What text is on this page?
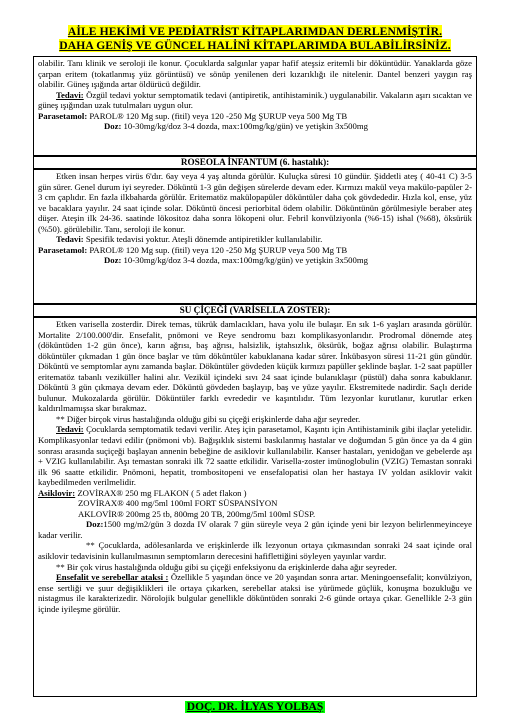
AİLE HEKİMİ VE PEDİATRİST KİTAPLARIMDAN DERLENMİŞTİR.
DAHA GENİŞ VE GÜNCEL HALİNİ KİTAPLARIMDA BULABİLİRSİNİZ.

olabilir. Tanı klinik ve seroloji ile konur. Çocuklarda salgınlar yapar hafif ateşsiz eritemli bir döküntüdür. Yanaklarda göze çarpan eritem (tokatlanmış yüz görüntüsü) ve sönüp yenilenen deri kızarıklığı ile nitelenir. Dantel benzeri yaygın raş olabilir. Güneş ışığında artar öldürücü değildir.

Tedavi: Özgül tedavi yoktur semptomatik tedavi (antipiretik, antihistaminik.) uygulanabilir. Vakaların aşırı sıcaktan ve güneş ışığından uzak tutulmaları uygun olur.

Parasetamol: PAROL® 120 Mg sup. (fitil) veya 120 -250 Mg ŞURUP veya 500 Mg TB

Doz: 10-30mg/kg/doz 3-4 dozda, max:100mg/kg/gün) ve yetişkin 3x500mg

ROSEOLA İNFANTUM (6. hastalık):

Etken insan herpes virüs 6'dır. 6ay veya 4 yaş altında görülür. Kuluçka süresi 10 gündür. Şiddetli ateş ( 40-41 C) 3-5 gün sürer. Genel durum iyi seyreder. Döküntü 1-3 gün değişen sürelerde devam eder. Kırmızı makül veya makülo-papüler 2-3 cm çaplıdır. En fazla ilkbaharda görülür. Eritematöz makülopapüler döküntüler daha çok gövdededir. Hızla kol, ense, yüz ve bacaklara yayılır. 24 saat içinde solar. Döküntü öncesi periorbital ödem olabilir. Döküntünün görülmesiyle beraber ateş düşer. Ateşin ilk 24-36. saatinde lökositoz daha sonra lökopeni olur. Febril konvülziyonla (%6-15) ishal (%68), öksürük (%50). görülebilir. Tanı, seroloji ile konur.

Tedavi: Spesifik tedavisi yoktur. Ateşli dönemde antipiretikler kullanılabilir.

Parasetamol: PAROL® 120 Mg sup. (fitil) veya 120 -250 Mg ŞURUP veya 500 Mg TB

Doz: 10-30mg/kg/doz 3-4 dozda, max:100mg/kg/gün) ve yetişkin 3x500mg

SU ÇİÇEĞİ (VARİSELLA ZOSTER):

Etken varisella zosterdir. Direk temas, tükrük damlacıkları, hava yolu ile bulaşır. En sık 1-6 yaşları arasında görülür. Mortalite 2/100.000'dir. Ensefalit, pnömoni ve Reye sendromu bazı komplikasyonlarıdır. Prodromal dönemde ateş (döküntüden 1-2 gün önce), karın ağrısı, baş ağrısı, halsizlik, iştahsızlık, öksürük, boğaz ağrısı olabilir. Bulaştırma döküntüler çıkmadan 1 gün önce başlar ve tüm döküntüler kabuklanana kadar sürer. İnkübasyon süresi 11-21 gün gündür. Döküntü ve semptomlar aynı zamanda başlar. Döküntüler gövdeden küçük kırmızı papüller şeklinde başlar. 1-2 saat papüller eritematöz tabanlı veziküller halini alır. Vezikül içindeki sıvı 24 saat içinde bulanıklaşır (püstül) daha sonra kabuklanır. Döküntü 3 gün çıkmaya devam eder. Döküntü gövdeden başlayıp, baş ve yüze yayılır. Ekstremitede nadirdir. Saçlı deride bulunur. Mukozalarda görülür. Döküntüler farklı evrededir ve kaşıntılıdır. Tüm lezyonlar kurutlanır, kurutlar erken kaldırılmamışsa skar bırakmaz.

** Diğer birçok virus hastalığında olduğu gibi su çiçeği erişkinlerde daha ağır seyreder.

Tedavi: Çocuklarda semptomatik tedavi verilir. Ateş için parasetamol, Kaşıntı için Antihistaminik gibi ilaçlar yetelidir. Komplikasyonlar tedavi edilir (pnömoni vb). Bağışıklık sistemi baskılanmış hastalar ve doğumdan 5 gün önce ya da 4 gün sonrası arasında suçiçeği başlayan annenin bebeğine de asiklovir kullanılabilir. Kanser hastaları, yenidoğan ve gebelerde aşı + VZIG kullanılabilir. Aşı temastan sonraki ilk 72 saatte etkilidir. Varisella-zoster imünoglobulin (VZIG) Temastan sonraki ilk 96 saatte etkilidir. Pnömoni, hepatit, trombositopeni ve ensefalopatisi olan her hastaya IV yoldan asiklovir vakit kaybedilmeden verilmelidir.

Asiklovir: ZOVİRAX® 250 mg FLAKON ( 5 adet flakon )

ZOVİRAX® 400 mg/5ml 100ml FORT SÜSPANSİYON

AKLOVİR® 200mg 25 tb, 800mg 20 TB, 200mg/5ml 100ml SÜSP.

Doz:1500 mg/m2/gün 3 dozda IV olarak 7 gün süreyle veya 2 gün içinde yeni bir lezyon belirlenmeyinceye kadar verilir.

** Çocuklarda, adölesanlarda ve erişkinlerde ilk lezyonun ortaya çıkmasından sonraki 24 saat içinde oral asiklovir tedavisinin kullanılmasının semptomların derecesini hafiflettiğini söyleyen yayınlar vardır.

** Bir çok virus hastalığında olduğu gibi su çiçeği enfeksiyonu da erişkinlerde daha ağır seyreder.

Ensefalit ve serebellar ataksi : Özellikle 5 yaşından önce ve 20 yaşından sonra artar. Meningoensefalit; konvülziyon, ense sertliği ve şuur değişiklikleri ile ortaya çıkarken, serebellar ataksi ise yürümede güçlük, konuşma bozukluğu ve nistagmus ile karakterizedir. Nörolojik bulgular genellikle döküntüden sonraki 2-6 günde ortaya çıkar. Genellikle 2-3 gün içinde iyileşme görülür.

DOÇ. DR. İLYAS YOLBAŞ
